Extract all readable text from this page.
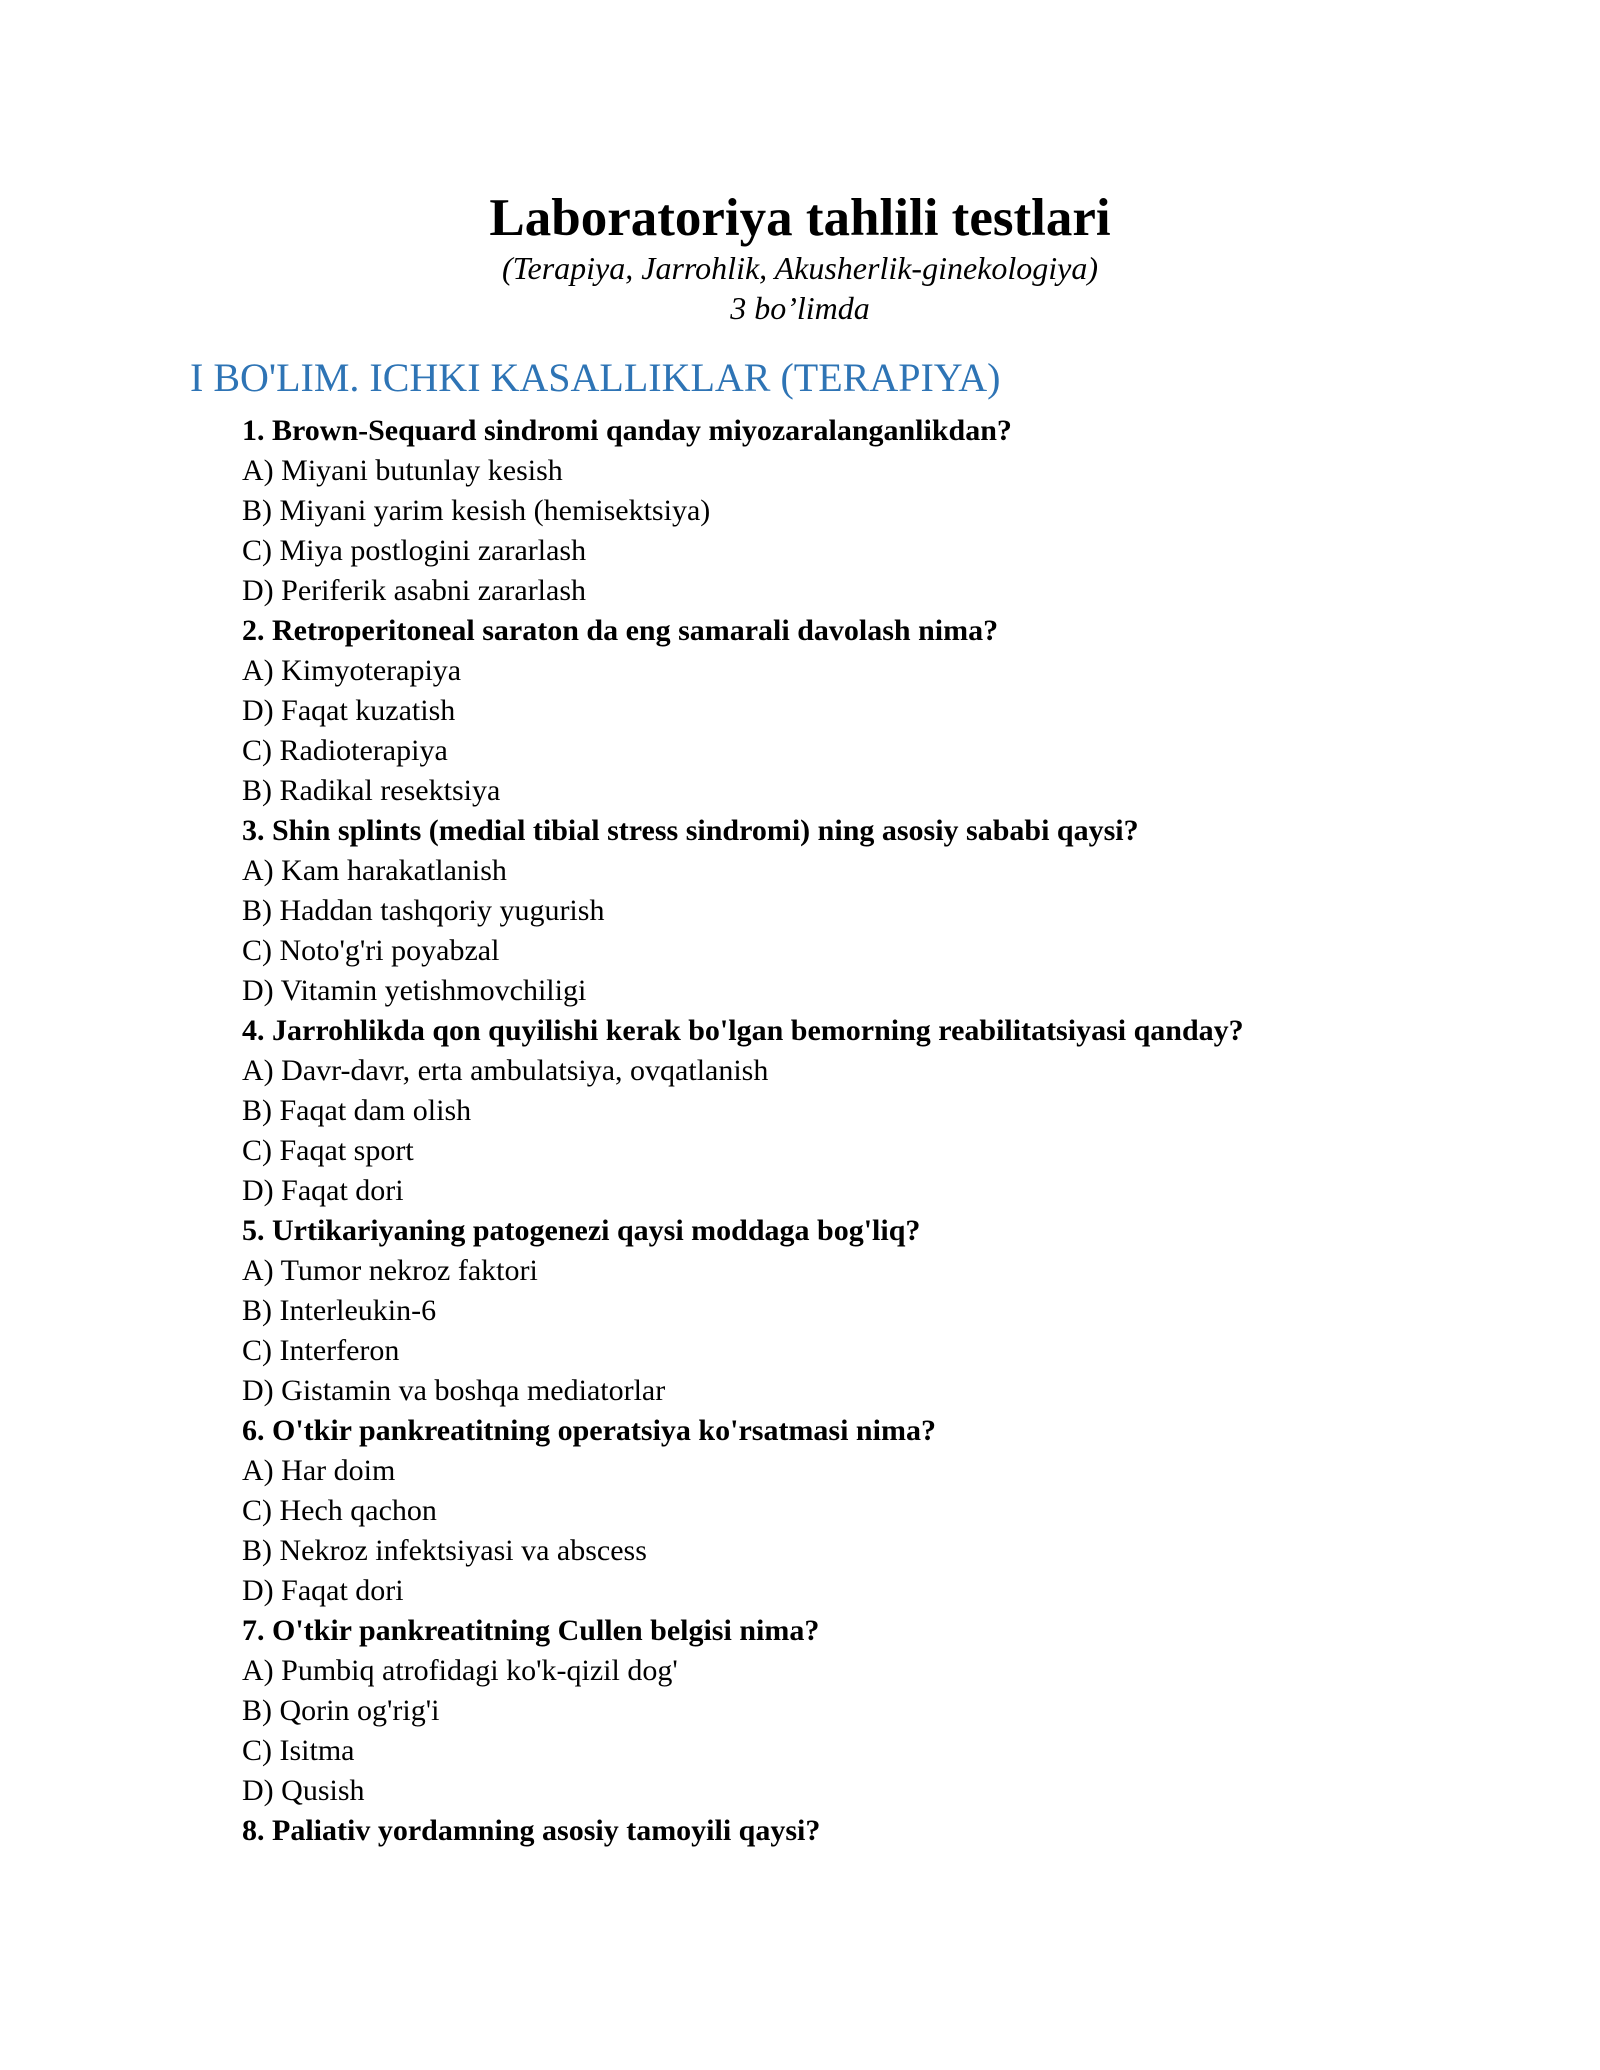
Laboratoriya tahlili testlari
(Terapiya, Jarrohlik, Akusherlik-ginekologiya)
3 bo’limda
I BO'LIM. ICHKI KASALLIKLAR (TERAPIYA)
1. Brown-Sequard sindromi qanday miyozaralanganlikdan?
A) Miyani butunlay kesish
B) Miyani yarim kesish (hemisektsiya)
C) Miya postlogini zararlash
D) Periferik asabni zararlash
2. Retroperitoneal saraton da eng samarali davolash nima?
A) Kimyoterapiya
D) Faqat kuzatish
C) Radioterapiya
B) Radikal resektsiya
3. Shin splints (medial tibial stress sindromi) ning asosiy sababi qaysi?
A) Kam harakatlanish
B) Haddan tashqoriy yugurish
C) Noto'g'ri poyabzal
D) Vitamin yetishmovchiligi
4. Jarrohlikda qon quyilishi kerak bo'lgan bemorning reabilitatsiyasi qanday?
A) Davr-davr, erta ambulatsiya, ovqatlanish
B) Faqat dam olish
C) Faqat sport
D) Faqat dori
5. Urtikariyaning patogenezi qaysi moddaga bog'liq?
A) Tumor nekroz faktori
B) Interleukin-6
C) Interferon
D) Gistamin va boshqa mediatorlar
6. O'tkir pankreatitning operatsiya ko'rsatmasi nima?
A) Har doim
C) Hech qachon
B) Nekroz infektsiyasi va abscess
D) Faqat dori
7. O'tkir pankreatitning Cullen belgisi nima?
A) Pumbiq atrofidagi ko'k-qizil dog'
B) Qorin og'rig'i
C) Isitma
D) Qusish
8. Paliativ yordamning asosiy tamoyili qaysi?
